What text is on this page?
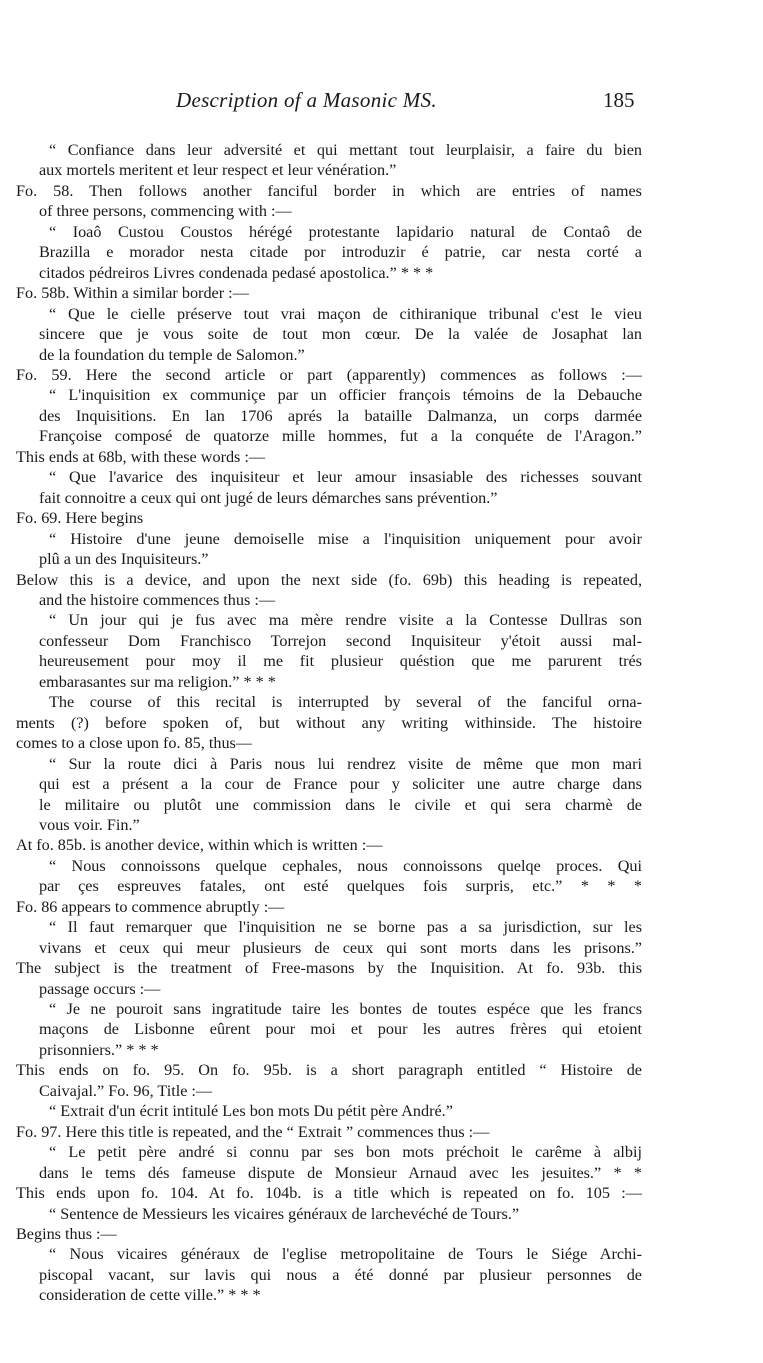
Description of a Masonic MS.	185
“ Confiance dans leur adversité et qui mettant tout leurplaisir, a faire du bien
aux mortels meritent et leur respect et leur vénération.”
Fo. 58. Then follows another fanciful border in which are entries of names
of three persons, commencing with :—
“ Ioaô Custou Coustos hérégé protestante lapidario natural de Contaô de
Brazilla e morador nesta citade por introduzir é patrie, car nesta corté a
citados pédreiros Livres condenada pedasé apostolica.” * * *
Fo. 58b. Within a similar border :—
“ Que le cielle préserve tout vrai maçon de cithiranique tribunal c'est le vieu
sincere que je vous soite de tout mon cœur. De la valée de Josaphat lan
de la foundation du temple de Salomon.”
Fo. 59. Here the second article or part (apparently) commences as follows :—
“ L'inquisition ex communiçe par un officier françois témoins de la Debauche
des Inquisitions. En lan 1706 aprés la bataille Dalmanza, un corps darmée
Françoise composé de quatorze mille hommes, fut a la conquéte de l'Aragon.”
This ends at 68b, with these words :—
“ Que l'avarice des inquisiteur et leur amour insasiable des richesses souvant
fait connoitre a ceux qui ont jugé de leurs démarches sans prévention.”
Fo. 69. Here begins
“ Histoire d'une jeune demoiselle mise a l'inquisition uniquement pour avoir
plû a un des Inquisiteurs.”
Below this is a device, and upon the next side (fo. 69b) this heading is repeated,
and the histoire commences thus :—
“ Un jour qui je fus avec ma mère rendre visite a la Contesse Dullras son
confesseur Dom Franchisco Torrejon second Inquisiteur y'étoit aussi mal-
heureusement pour moy il me fit plusieur quéstion que me parurent trés
embarasantes sur ma religion.” * * *
The course of this recital is interrupted by several of the fanciful orna-
ments (?) before spoken of, but without any writing withinside. The histoire
comes to a close upon fo. 85, thus—
“ Sur la route dici à Paris nous lui rendrez visite de même que mon mari
qui est a présent a la cour de France pour y soliciter une autre charge dans
le militaire ou plutôt une commission dans le civile et qui sera charmè de
vous voir. Fin.”
At fo. 85b. is another device, within which is written :—
“ Nous connoissons quelque cephales, nous connoissons quelqe proces. Qui
par çes espreuves fatales, ont esté quelques fois surpris, etc.” * * *
Fo. 86 appears to commence abruptly :—
“ Il faut remarquer que l'inquisition ne se borne pas a sa jurisdiction, sur les
vivans et ceux qui meur plusieurs de ceux qui sont morts dans les prisons.”
The subject is the treatment of Free-masons by the Inquisition. At fo. 93b. this
passage occurs :—
“ Je ne pouroit sans ingratitude taire les bontes de toutes espéce que les francs
maçons de Lisbonne eûrent pour moi et pour les autres frères qui etoient
prisonniers.” * * *
This ends on fo. 95. On fo. 95b. is a short paragraph entitled “ Histoire de
Caivajal.” Fo. 96, Title :—
“ Extrait d'un écrit intitulé Les bon mots Du pétit père André.”
Fo. 97. Here this title is repeated, and the “ Extrait ” commences thus :—
“ Le petit père andré si connu par ses bon mots préchoit le carême à albij
dans le tems dés fameuse dispute de Monsieur Arnaud avec les jesuites.” * *
This ends upon fo. 104. At fo. 104b. is a title which is repeated on fo. 105 :—
“ Sentence de Messieurs les vicaires généraux de larchevéché de Tours.”
Begins thus :—
“ Nous vicaires généraux de l'eglise metropolitaine de Tours le Siége Archi-
piscopal vacant, sur lavis qui nous a été donné par plusieur personnes de
consideration de cette ville.” * * *
